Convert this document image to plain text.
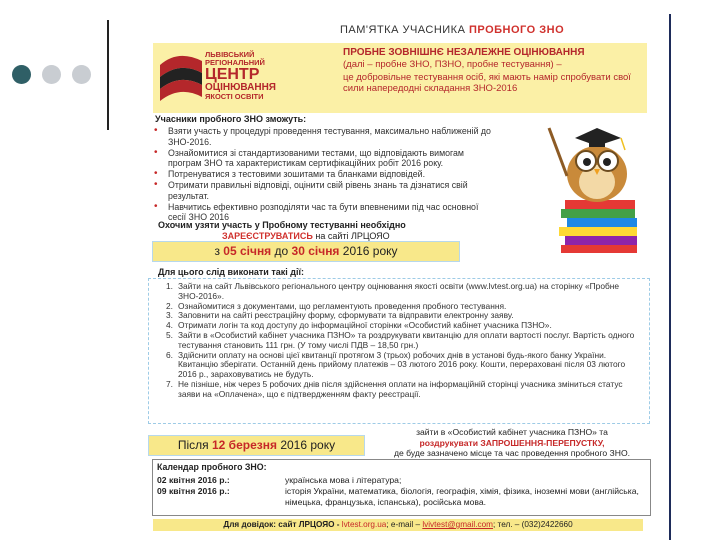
ПАМ'ЯТКА УЧАСНИКА ПРОБНОГО ЗНО
ЛЬВІВСЬКИЙ
РЕГІОНАЛЬНИЙ
ЦЕНТР
ОЦІНЮВАННЯ
ЯКОСТІ ОСВІТИ
ПРОБНЕ ЗОВНІШНЄ НЕЗАЛЕЖНЕ ОЦІНЮВАННЯ
(далі – пробне ЗНО, ПЗНО, пробне тестування) –
це добровільне тестування осіб, які мають намір спробувати свої сили напередодні складання ЗНО-2016
Учасники пробного ЗНО зможуть:
• Взяти участь у процедурі проведення тестування, максимально наближеній до ЗНО-2016.
• Ознайомитися зі стандартизованими тестами, що відповідають вимогам програм ЗНО та характеристикам сертифікаційних робіт 2016 року.
• Потренуватися з тестовими зошитами та бланками відповідей.
• Отримати правильні відповіді, оцінити свій рівень знань та дізнатися свій результат.
• Навчитись ефективно розподіляти час та бути впевненими під час основної сесії ЗНО 2016
Охочим узяти участь у Пробному тестуванні необхідно
ЗАРЕЄСТРУВАТИСЬ на сайті ЛРЦОЯО
з 05 січня до 30 січня 2016 року
Для цього слід виконати такі дії:
Зайти на сайт Львівського регіонального центру оцінювання якості освіти (www.lvtest.org.ua) на сторінку «Пробне ЗНО-2016».
Ознайомитися з документами, що регламентують проведення пробного тестування.
Заповнити на сайті реєстраційну форму, сформувати та відправити електронну заяву.
Отримати логін та код доступу до інформаційної сторінки «Особистий кабінет учасника ПЗНО».
Зайти в «Особистий кабінет учасника ПЗНО» та роздрукувати квитанцію для оплати вартості послуг. Вартість одного тестування становить 111 грн. (У тому числі ПДВ – 18,50 грн.)
Здійснити оплату на основі цієї квитанції протягом 3 (трьох) робочих днів в установі будь-якого банку України. Квитанцію зберігати. Останній день прийому платежів – 03 лютого 2016 року. Кошти, перераховані після 03 лютого 2016 р., зараховуватись не будуть.
Не пізніше, ніж через 5 робочих днів після здійснення оплати на інформаційній сторінці учасника зміниться статус заяви на «Оплачена», що є підтвердженням факту реєстрації.
Після 12 березня 2016 року
зайти в «Особистий кабінет учасника ПЗНО» та
роздрукувати ЗАПРОШЕННЯ-ПЕРЕПУСТКУ,
де буде зазначено місце та час проведення пробного ЗНО.
Календар пробного ЗНО:
02 квітня 2016 р.:	українська мова і література;
09 квітня 2016 р.:	історія України, математика, біологія, географія, хімія, фізика, іноземні мови (англійська, німецька, французька, іспанська), російська мова.
Для довідок: сайт ЛРЦОЯО - lvtest.org.ua; e-mail – lvivtest@gmail.com; тел. – (032)2422660
